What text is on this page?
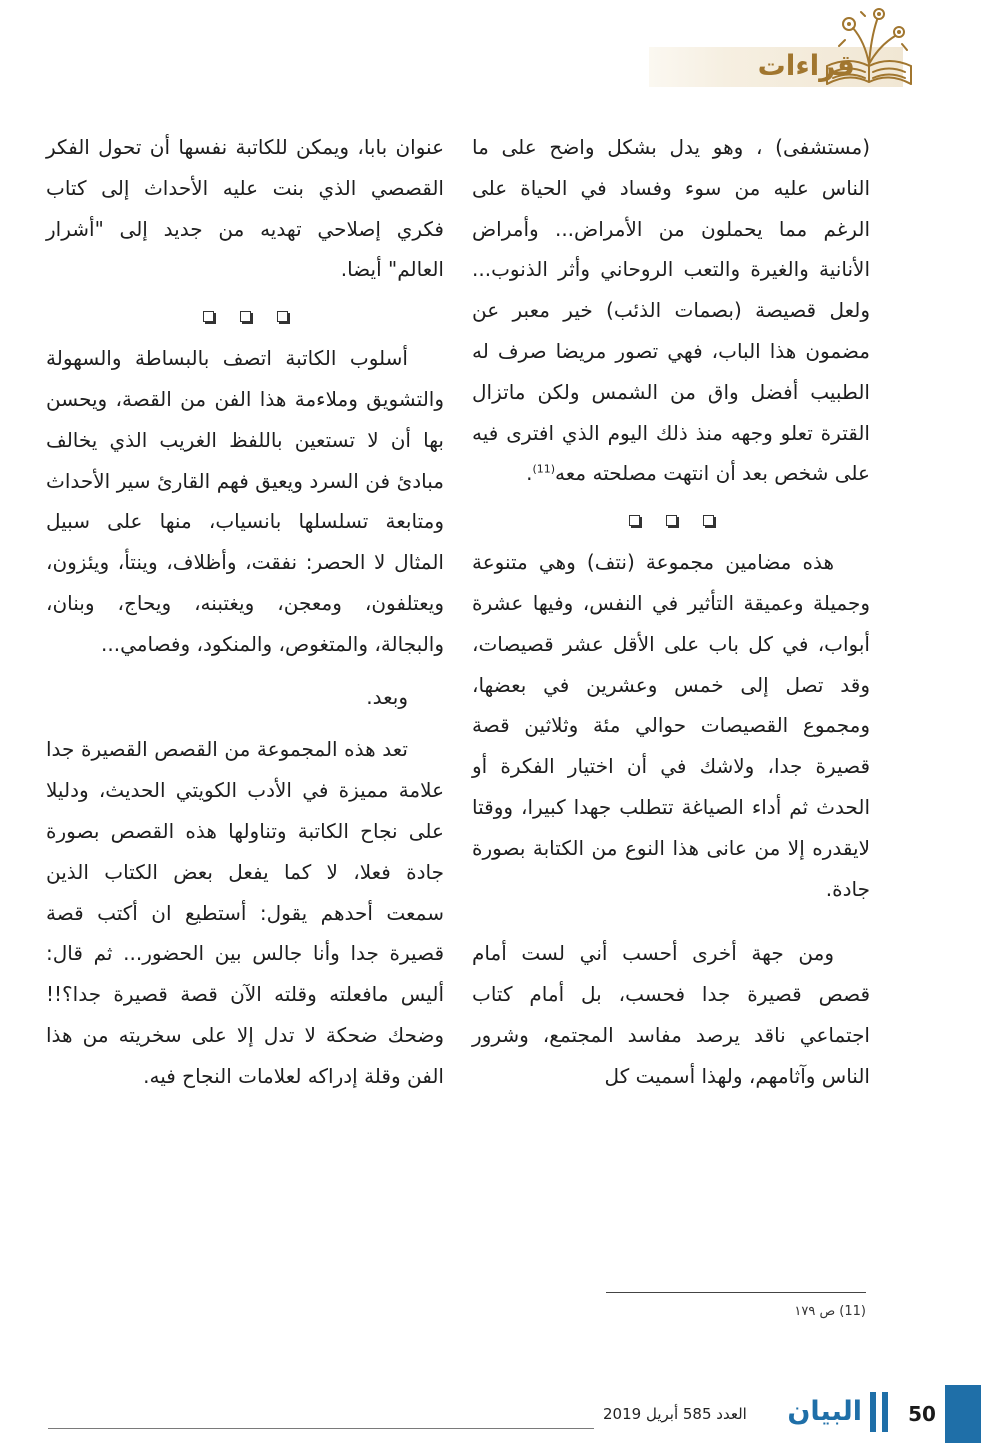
قراءات

(مستشفى) ، وهو يدل بشكل واضح على ما الناس عليه من سوء وفساد في الحياة على الرغم مما يحملون من الأمراض... وأمراض الأنانية والغيرة والتعب الروحاني وأثر الذنوب... ولعل قصيصة (بصمات الذئب) خير معبر عن مضمون هذا الباب، فهي تصور مريضا صرف له الطبيب أفضل واق من الشمس ولكن ماتزال القترة تعلو وجهه منذ ذلك اليوم الذي افترى فيه على شخص بعد أن انتهت مصلحته معه$^{(11)}$.

هذه مضامين مجموعة (نتف) وهي متنوعة وجميلة وعميقة التأثير في النفس، وفيها عشرة أبواب، في كل باب على الأقل عشر قصيصات، وقد تصل إلى خمس وعشرين في بعضها، ومجموع القصيصات حوالي مئة وثلاثين قصة قصيرة جدا، ولاشك في أن اختيار الفكرة أو الحدث ثم أداء الصياغة تتطلب جهدا كبيرا، ووقتا لايقدره إلا من عانى هذا النوع من الكتابة بصورة جادة.

ومن جهة أخرى أحسب أني لست أمام قصص قصيرة جدا فحسب، بل أمام كتاب اجتماعي ناقد يرصد مفاسد المجتمع، وشرور الناس وآثامهم، ولهذا أسميت كل

عنوان بابا، ويمكن للكاتبة نفسها أن تحول الفكر القصصي الذي بنت عليه الأحداث إلى كتاب فكري إصلاحي تهديه من جديد إلى "أشرار العالم" أيضا.

أسلوب الكاتبة اتصف بالبساطة والسهولة والتشويق وملاءمة هذا الفن من القصة، ويحسن بها أن لا تستعين باللفظ الغريب الذي يخالف مبادئ فن السرد ويعيق فهم القارئ سير الأحداث ومتابعة تسلسلها بانسياب، منها على سبيل المثال لا الحصر: نفقت، وأظلاف، وينتأ، ويئزون، ويعتلفون، ومعجن، ويغتبنه، ويحاج، وبنان، والبجالة، والمتغوص، والمنكود، وفصامي...

وبعد.

تعد هذه المجموعة من القصص القصيرة جدا علامة مميزة في الأدب الكويتي الحديث، ودليلا على نجاح الكاتبة وتناولها هذه القصص بصورة جادة فعلا، لا كما يفعل بعض الكتاب الذين سمعت أحدهم يقول: أستطيع ان أكتب قصة قصيرة جدا وأنا جالس بين الحضور... ثم قال: أليس مافعلته وقلته الآن قصة قصيرة جدا؟!! وضحك ضحكة لا تدل إلا على سخريته من هذا الفن وقلة إدراكه لعلامات النجاح فيه.

(11) ص ١٧٩
العدد 585 أبريل 2019	البيان 50
